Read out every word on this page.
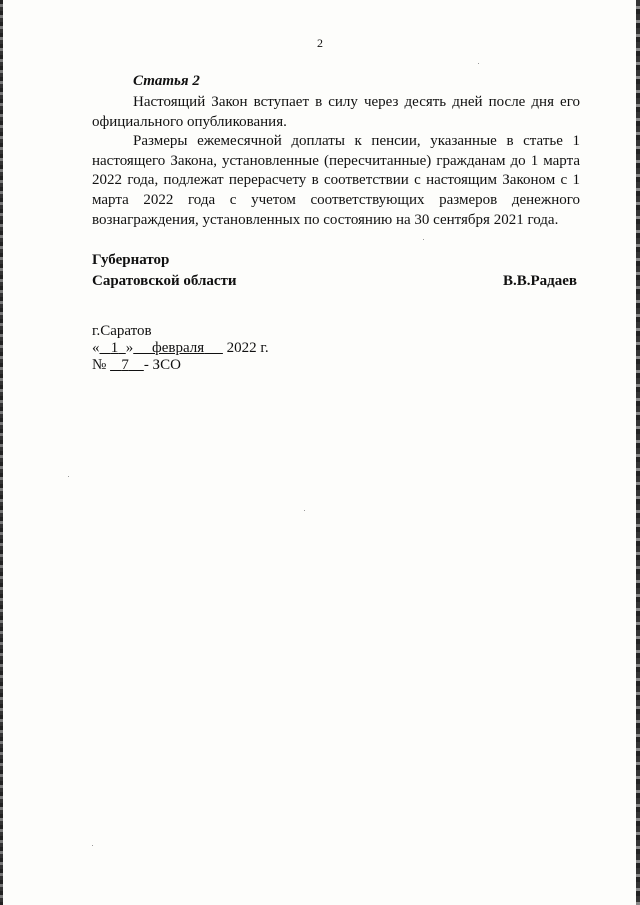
2
Статья 2

Настоящий Закон вступает в силу через десять дней после дня его официального опубликования.

Размеры ежемесячной доплаты к пенсии, указанные в статье 1 настоящего Закона, установленные (пересчитанные) гражданам до 1 марта 2022 года, подлежат перерасчету в соответствии с настоящим Законом с 1 марта 2022 года с учетом соответствующих размеров денежного вознаграждения, установленных по состоянию на 30 сентября 2021 года.

Губернатор
Саратовской области	В.В.Радаев
г.Саратов
« 1 » февраля 2022 г.
№ 7 - ЗСО
